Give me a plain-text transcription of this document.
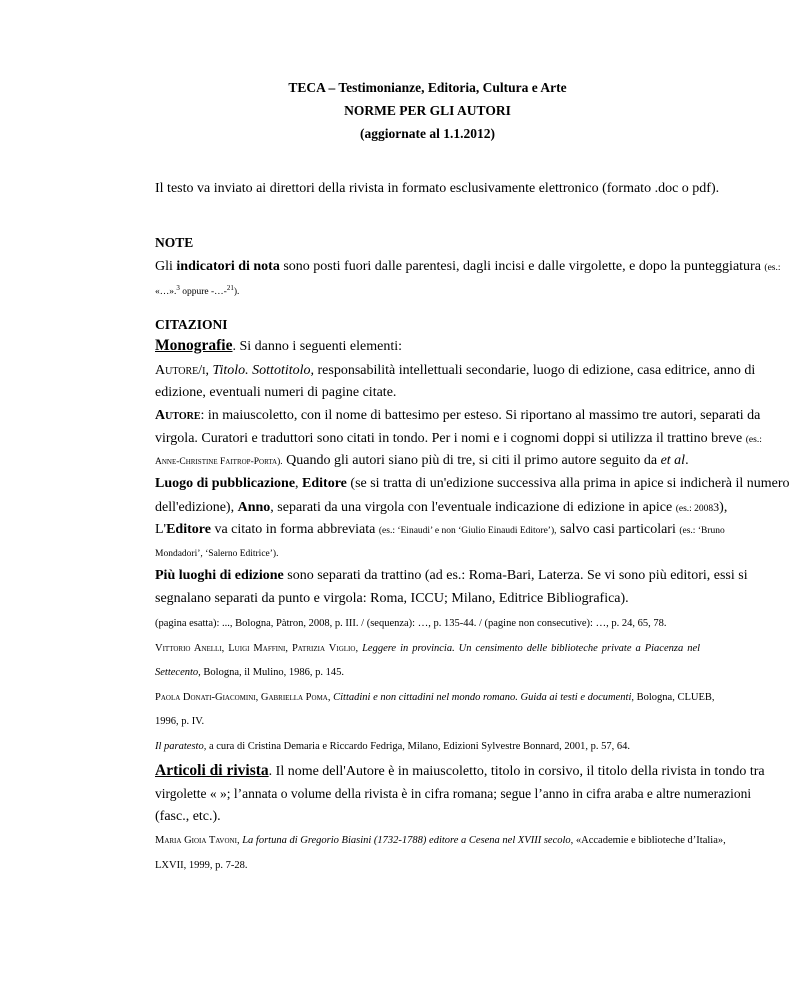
TECA – Testimonianze, Editoria, Cultura e Arte
NORME PER GLI AUTORI
(aggiornate al 1.1.2012)
Il testo va inviato ai direttori della rivista in formato esclusivamente elettronico (formato .doc o pdf).
NOTE
Gli indicatori di nota sono posti fuori dalle parentesi, dagli incisi e dalle virgolette, e dopo la punteggiatura (es.:
«…».$^3$ oppure -…-$^{21}$).
CITAZIONI
Monografie. Si danno i seguenti elementi:
Autore/i, Titolo. Sottotitolo, responsabilità intellettuali secondarie, luogo di edizione, casa editrice, anno di
edizione, eventuali numeri di pagine citate.
Autore: in maiuscoletto, con il nome di battesimo per esteso. Si riportano al massimo tre autori, separati da
virgola. Curatori e traduttori sono citati in tondo. Per i nomi e i cognomi doppi si utilizza il trattino breve (es.:
Anne-Christine Faitrop-Porta). Quando gli autori siano più di tre, si citi il primo autore seguito da et al.
Luogo di pubblicazione, Editore (se si tratta di un'edizione successiva alla prima in apice si indicherà il numero
dell'edizione), Anno, separati da una virgola con l'eventuale indicazione di edizione in apice (es.: 20083),
L'Editore va citato in forma abbreviata (es.: ‘Einaudi’ e non ‘Giulio Einaudi Editore’), salvo casi particolari (es.: ‘Bruno
Mondadori’, ‘Salerno Editrice’).
Più luoghi di edizione sono separati da trattino (ad es.: Roma-Bari, Laterza. Se vi sono più editori, essi si
segnalano separati da punto e virgola: Roma, ICCU; Milano, Editrice Bibliografica).
(pagina esatta): ..., Bologna, Pàtron, 2008, p. III. / (sequenza): …, p. 135-44. / (pagine non consecutive): …, p. 24, 65, 78.
Vittorio Anelli, Luigi Maffini, Patrizia Viglio, Leggere in provincia. Un censimento delle biblioteche private a Piacenza nel
Settecento, Bologna, il Mulino, 1986, p. 145.
Paola Donati-Giacomini, Gabriella Poma, Cittadini e non cittadini nel mondo romano. Guida ai testi e documenti, Bologna, CLUEB,
1996, p. IV.
Il paratesto, a cura di Cristina Demaria e Riccardo Fedriga, Milano, Edizioni Sylvestre Bonnard, 2001, p. 57, 64.
Articoli di rivista. Il nome dell'Autore è in maiuscoletto, titolo in corsivo, il titolo della rivista in tondo tra
virgolette « »; l’annata o volume della rivista è in cifra romana; segue l’anno in cifra araba e altre numerazioni
(fasc., etc.).
Maria Gioia Tavoni, La fortuna di Gregorio Biasini (1732-1788) editore a Cesena nel XVIII secolo, «Accademie e biblioteche d’Italia»,
LXVII, 1999, p. 7-28.
